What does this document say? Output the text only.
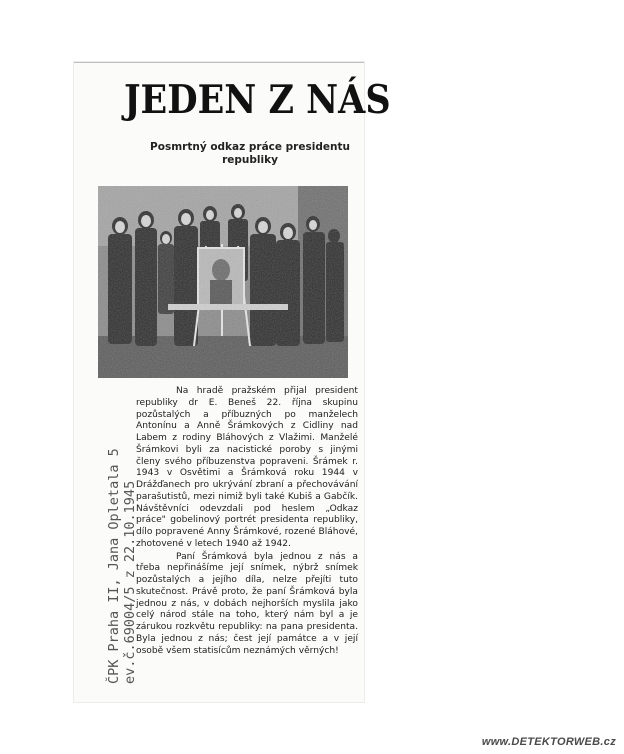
JEDEN Z NÁS
Posmrtný odkaz práce presidentu republiky

Na hradě pražském přijal president republiky dr E. Beneš 22. října skupinu pozůstalých a příbuzných po manželech Antonínu a Anně Šrámkových z Cidliny nad Labem z rodiny Bláhových z Vlažimi. Manželé Šrámkovi byli za nacistické poroby s jinými členy svého příbuzenstva popraveni. Šrámek r. 1943 v Osvětimi a Šrámková roku 1944 v Drážďanech pro ukrývání zbraní a přechovávání parašutistů, mezi nimiž byli také Kubiš a Gabčík. Návštěvníci odevzdali pod heslem „Odkaz práce" gobelinový portrét presidenta republiky, dílo popravené Anny Šrámkové, rozené Bláhové, zhotovené v letech 1940 až 1942.

Paní Šrámková byla jednou z nás a třeba nepřinášíme její snímek, nýbrž snímek pozůstalých a jejího díla, nelze přejíti tuto skutečnost. Právě proto, že paní Šrámková byla jednou z nás, v dobách nejhorších myslila jako celý národ stále na toho, který nám byl a je zárukou rozkvětu republiky: na pana presidenta. Byla jednou z nás; čest její památce a v její osobě všem statisícům neznámých věrných!

ČPK Praha II, Jana Opletala 5 ev.č.69004/5 z 22.10.1945
www.DETEKTORWEB.cz
